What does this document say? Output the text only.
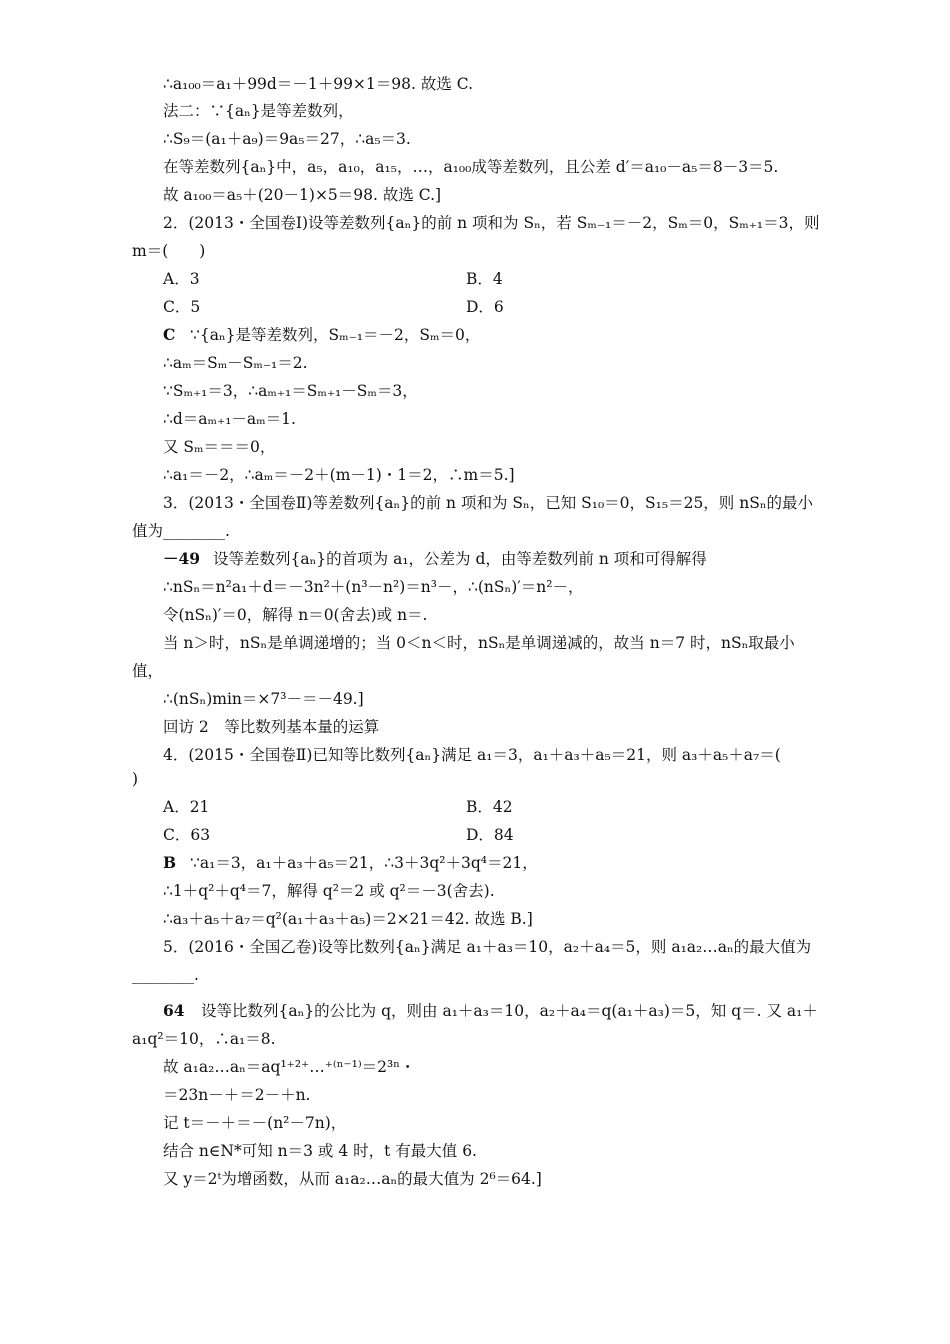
∴a₁₀₀＝a₁＋99d＝－1＋99×1＝98. 故选 C.
法二：∵{aₙ}是等差数列，
∴S₉＝(a₁＋a₉)＝9a₅＝27，∴a₅＝3.
在等差数列{aₙ}中，a₅，a₁₀，a₁₅，…，a₁₀₀成等差数列，且公差 d′＝a₁₀－a₅＝8－3＝5.
故 a₁₀₀＝a₅＋(20－1)×5＝98. 故选 C.]
2．(2013・全国卷Ⅰ)设等差数列{aₙ}的前 n 项和为 Sₙ，若 Sₘ₋₁＝－2，Sₘ＝0，Sₘ₊₁＝3，则
m＝(　　)
A．3	B．4
C．5	D．6
C ∵{aₙ}是等差数列，Sₘ₋₁＝－2，Sₘ＝0，
∴aₘ＝Sₘ－Sₘ₋₁＝2.
∵Sₘ₊₁＝3，∴aₘ₊₁＝Sₘ₊₁－Sₘ＝3，
∴d＝aₘ₊₁－aₘ＝1.
又 Sₘ＝＝＝0，
∴a₁＝－2，∴aₘ＝－2＋(m－1)・1＝2，∴m＝5.]
3．(2013・全国卷Ⅱ)等差数列{aₙ}的前 n 项和为 Sₙ，已知 S₁₀＝0，S₁₅＝25，则 nSₙ的最小
值为________.
－49 设等差数列{aₙ}的首项为 a₁，公差为 d，由等差数列前 n 项和可得解得
∴nSₙ＝n²a₁＋d＝－3n²＋(n³－n²)＝n³－，∴(nSₙ)′＝n²－，
令(nSₙ)′＝0，解得 n＝0(舍去)或 n＝.
当 n＞时，nSₙ是单调递增的；当 0＜n＜时，nSₙ是单调递减的，故当 n＝7 时，nSₙ取最小
值，
∴(nSₙ)min＝×7³－＝－49.]
回访 2　等比数列基本量的运算
4．(2015・全国卷Ⅱ)已知等比数列{aₙ}满足 a₁＝3，a₁＋a₃＋a₅＝21，则 a₃＋a₅＋a₇＝(
)
A．21	B．42
C．63	D．84
B ∵a₁＝3，a₁＋a₃＋a₅＝21，∴3＋3q²＋3q⁴＝21，
∴1＋q²＋q⁴＝7，解得 q²＝2 或 q²＝－3(舍去).
∴a₃＋a₅＋a₇＝q²(a₁＋a₃＋a₅)＝2×21＝42. 故选 B.]
5．(2016・全国乙卷)设等比数列{aₙ}满足 a₁＋a₃＝10，a₂＋a₄＝5，则 a₁a₂…aₙ的最大值为
________.
64 设等比数列{aₙ}的公比为 q，则由 a₁＋a₃＝10，a₂＋a₄＝q(a₁＋a₃)＝5，知 q＝. 又 a₁＋
a₁q²＝10，∴a₁＝8.
故 a₁a₂…aₙ＝aq¹⁺²⁺…⁺⁽ⁿ⁻¹⁾＝2³ⁿ・
＝23n－＋＝2－＋n.
记 t＝－＋＝－(n²－7n)，
结合 n∈N*可知 n＝3 或 4 时，t 有最大值 6.
又 y＝2ᵗ为增函数，从而 a₁a₂…aₙ的最大值为 2⁶＝64.]
